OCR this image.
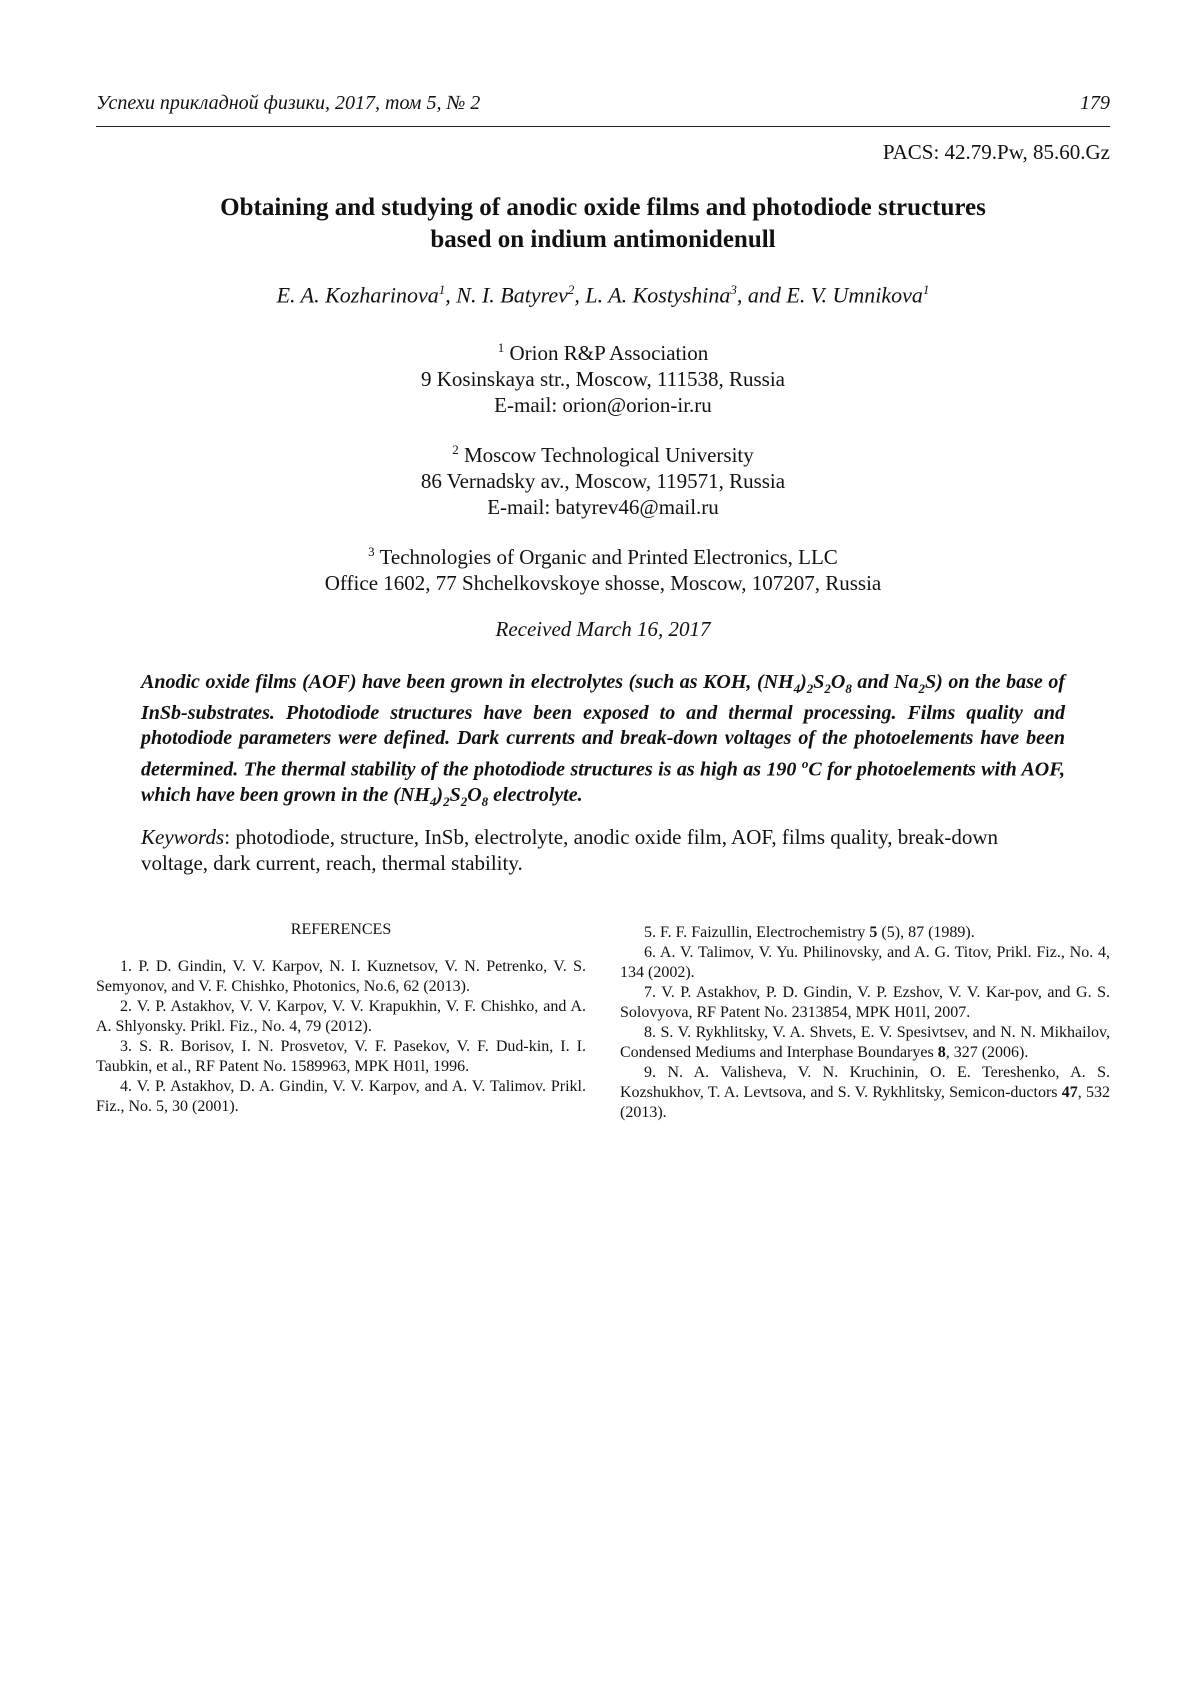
Успехи прикладной физики, 2017, том 5, № 2	179
PACS: 42.79.Pw, 85.60.Gz
Obtaining and studying of anodic oxide films and photodiode structures
based on indium antimonidenull
E. A. Kozharinova$^1$, N. I. Batyrev$^2$, L. A. Kostyshina$^3$, and E. V. Umnikova$^1$
$^1$ Orion R&P Association
9 Kosinskaya str., Moscow, 111538, Russia
E-mail: orion@orion-ir.ru
$^2$ Moscow Technological University
86 Vernadsky av., Moscow, 119571, Russia
E-mail: batyrev46@mail.ru
$^3$ Technologies of Organic and Printed Electronics, LLC
Office 1602, 77 Shchelkovskoye shosse, Moscow, 107207, Russia
Received March 16, 2017
Anodic oxide films (AOF) have been grown in electrolytes (such as KOH, $(NH_4)_2S_2O_8$ and $Na_2S$) on the base of InSb-substrates. Photodiode structures have been exposed to and thermal processing. Films quality and photodiode parameters were defined. Dark currents and break-down voltages of the photoelements have been determined. The thermal stability of the photodiode structures is as high as 190 $^o$C for photoelements with AOF, which have been grown in the $(NH_4)_2S_2O_8$ electrolyte.
Keywords: photodiode, structure, InSb, electrolyte, anodic oxide film, AOF, films quality, break-down voltage, dark current, reach, thermal stability.
REFERENCES

1. P. D. Gindin, V. V. Karpov, N. I. Kuznetsov, V. N. Petrenko, V. S. Semyonov, and V. F. Chishko, Photonics, No.6, 62 (2013).

2. V. P. Astakhov, V. V. Karpov, V. V. Krapukhin, V. F. Chishko, and A. A. Shlyonsky. Prikl. Fiz., No. 4, 79 (2012).

3. S. R. Borisov, I. N. Prosvetov, V. F. Pasekov, V. F. Dud-kin, I. I. Taubkin, et al., RF Patent No. 1589963, MPK H01l, 1996.

4. V. P. Astakhov, D. A. Gindin, V. V. Karpov, and A. V. Talimov. Prikl. Fiz., No. 5, 30 (2001).

5. F. F. Faizullin, Electrochemistry 5 (5), 87 (1989).

6. A. V. Talimov, V. Yu. Philinovsky, and A. G. Titov, Prikl. Fiz., No. 4, 134 (2002).

7. V. P. Astakhov, P. D. Gindin, V. P. Ezshov, V. V. Kar-pov, and G. S. Solovyova, RF Patent No. 2313854, MPK H01l, 2007.

8. S. V. Rykhlitsky, V. A. Shvets, E. V. Spesivtsev, and N. N. Mikhailov, Condensed Mediums and Interphase Boundaryes 8, 327 (2006).

9. N. A. Valisheva, V. N. Kruchinin, O. E. Tereshenko, A. S. Kozshukhov, T. A. Levtsova, and S. V. Rykhlitsky, Semicon-ductors 47, 532 (2013).
